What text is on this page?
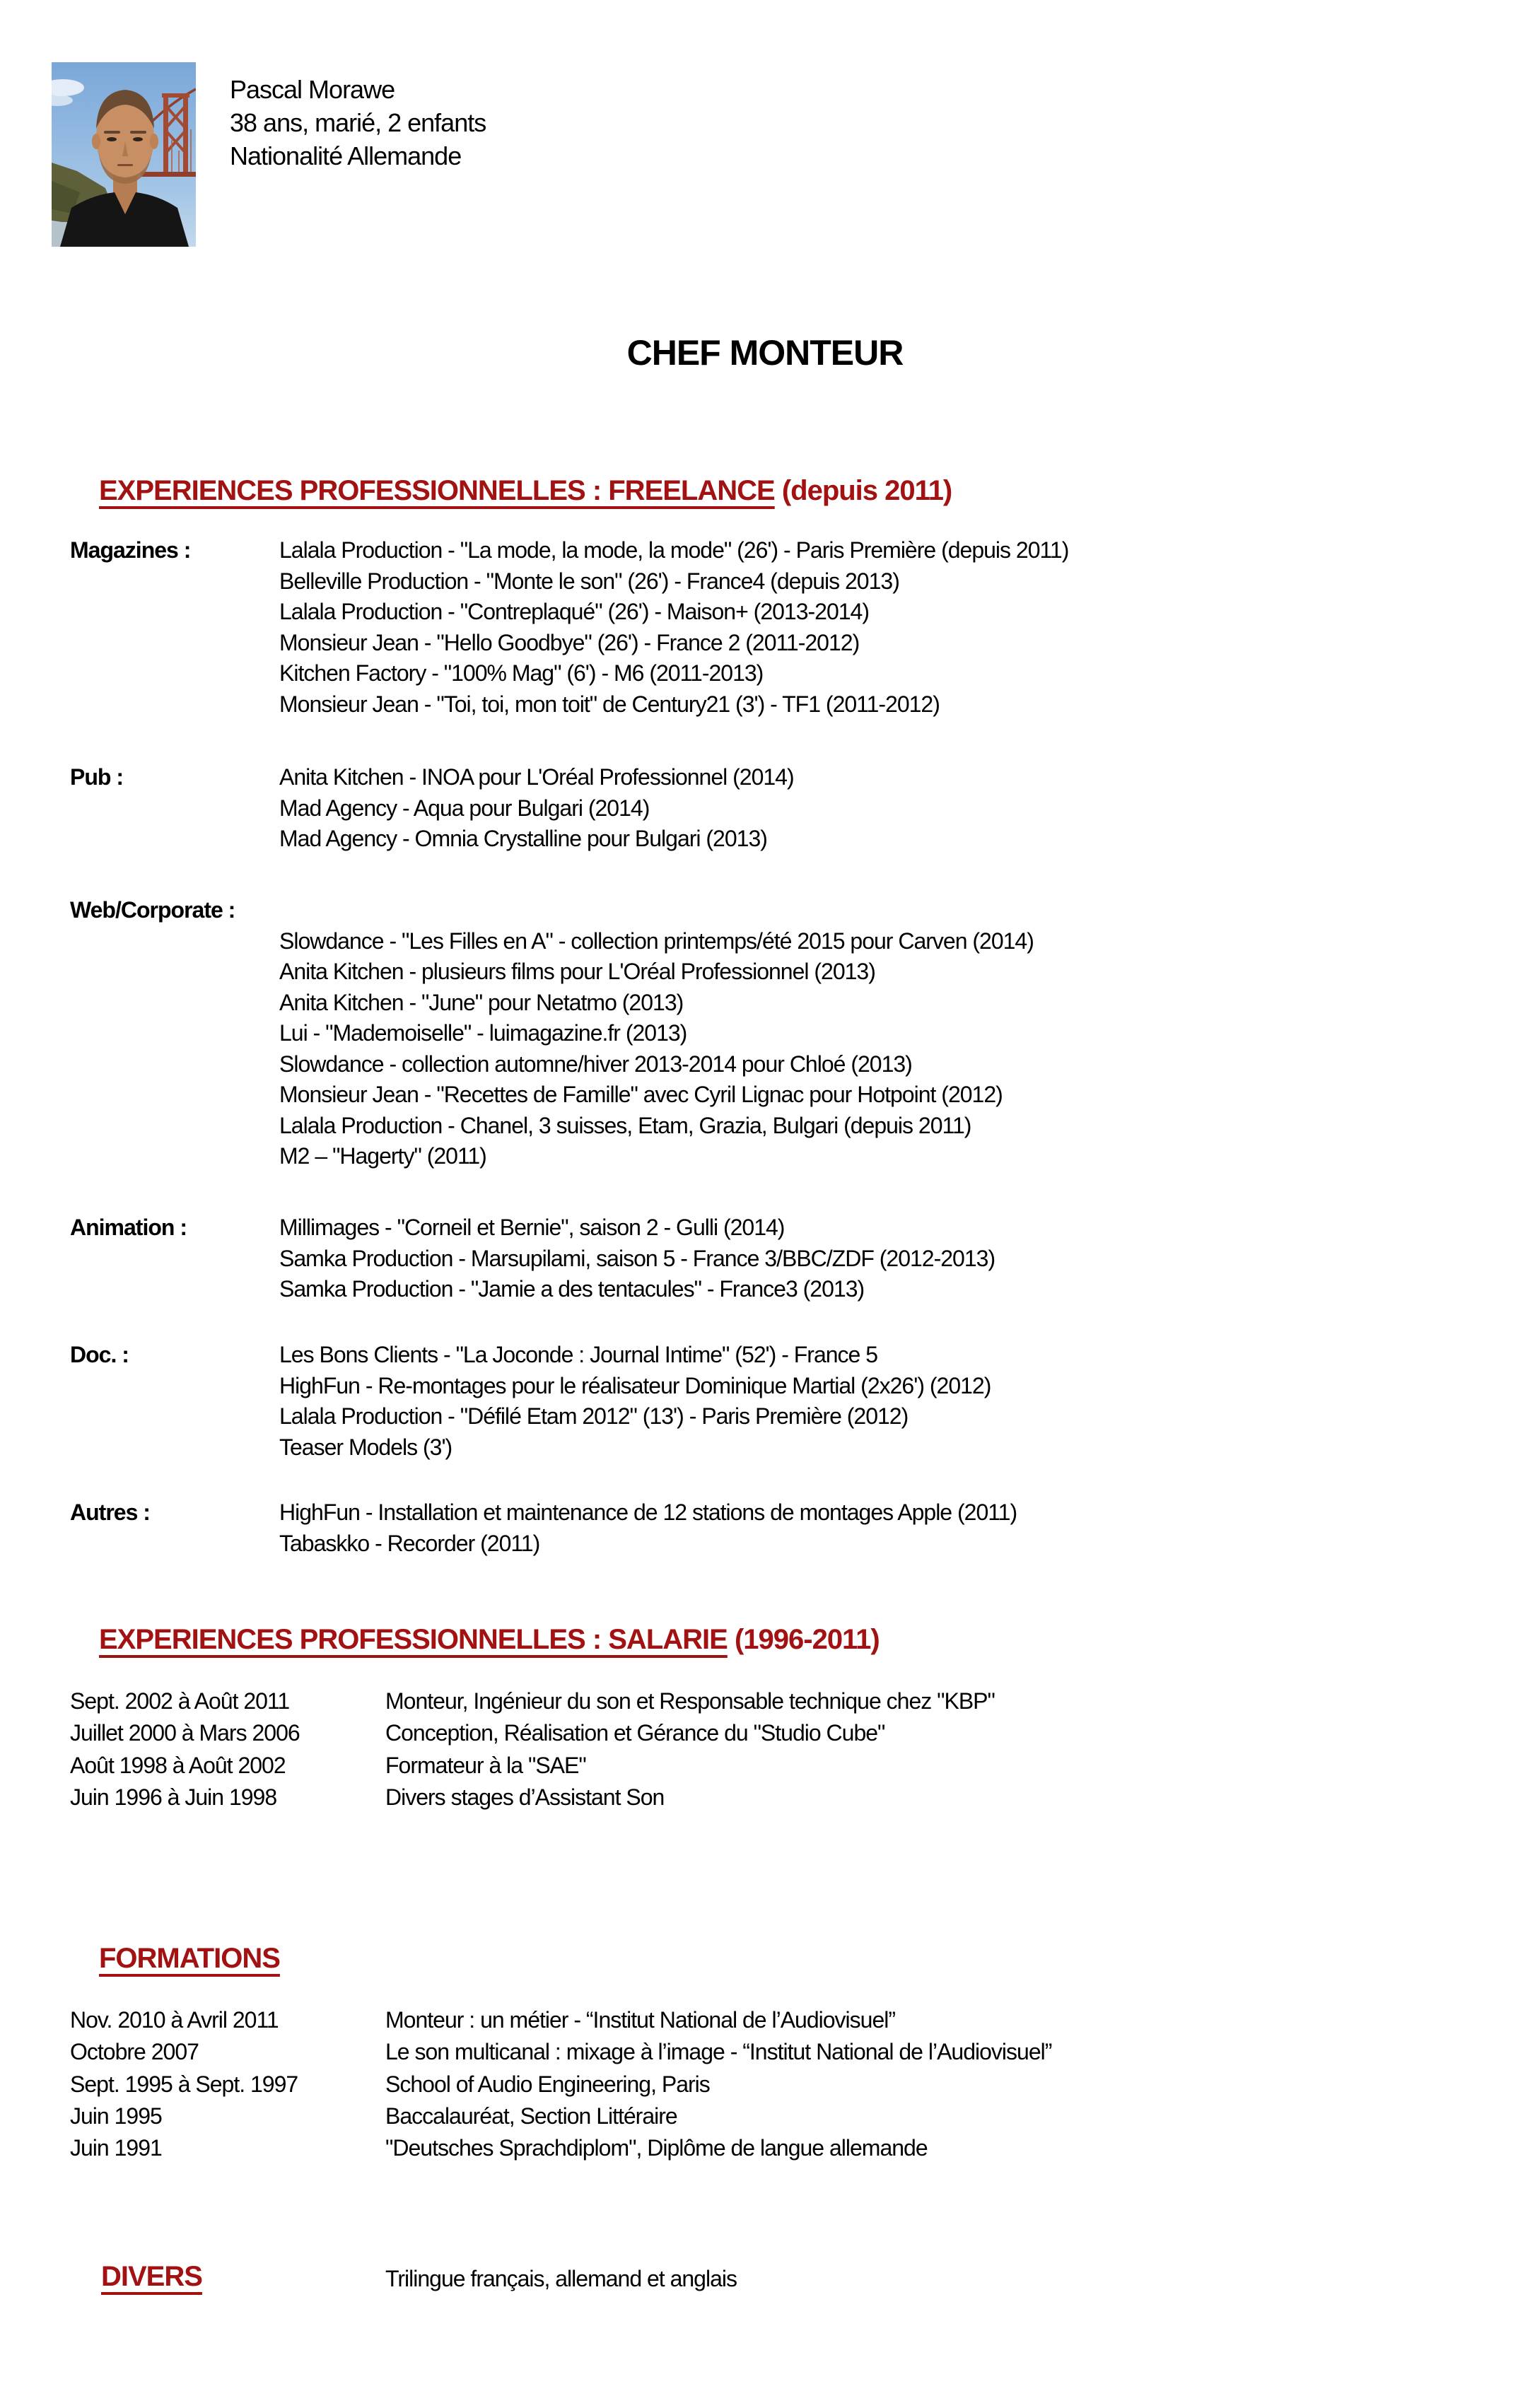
Pascal Morawe
38 ans, marié, 2 enfants
Nationalité Allemande
CHEF MONTEUR
EXPERIENCES PROFESSIONNELLES : FREELANCE (depuis 2011)
Magazines :	Lalala Production - "La mode, la mode, la mode" (26') - Paris Première (depuis 2011)
Belleville Production - "Monte le son" (26') - France4 (depuis 2013)
Lalala Production - "Contreplaqué" (26') - Maison+ (2013-2014)
Monsieur Jean - "Hello Goodbye" (26') - France 2 (2011-2012)
Kitchen Factory - "100% Mag" (6') - M6 (2011-2013)
Monsieur Jean - "Toi, toi, mon toit" de Century21 (3') - TF1 (2011-2012)
Pub :	Anita Kitchen - INOA pour L'Oréal Professionnel (2014)
Mad Agency - Aqua pour Bulgari (2014)
Mad Agency - Omnia Crystalline pour Bulgari (2013)
Web/Corporate :
Slowdance - "Les Filles en A" - collection printemps/été 2015 pour Carven (2014)
Anita Kitchen - plusieurs films pour L'Oréal Professionnel (2013)
Anita Kitchen - "June" pour Netatmo (2013)
Lui - "Mademoiselle" - luimagazine.fr (2013)
Slowdance - collection automne/hiver 2013-2014 pour Chloé (2013)
Monsieur Jean - "Recettes de Famille" avec Cyril Lignac pour Hotpoint (2012)
Lalala Production - Chanel, 3 suisses, Etam, Grazia, Bulgari (depuis 2011)
M2 – "Hagerty" (2011)
Animation :	Millimages - "Corneil et Bernie", saison 2 - Gulli (2014)
Samka Production - Marsupilami, saison 5 - France 3/BBC/ZDF (2012-2013)
Samka Production - "Jamie a des tentacules" - France3 (2013)
Doc. :	Les Bons Clients - "La Joconde : Journal Intime" (52') - France 5
HighFun - Re-montages pour le réalisateur Dominique Martial (2x26') (2012)
Lalala Production - "Défilé Etam 2012" (13') - Paris Première (2012)
Teaser Models (3')
Autres :	HighFun - Installation et maintenance de 12 stations de montages Apple (2011)
Tabaskko - Recorder (2011)
EXPERIENCES PROFESSIONNELLES : SALARIE (1996-2011)
Sept. 2002 à Août 2011	Monteur, Ingénieur du son et Responsable technique chez "KBP"
Juillet 2000 à Mars 2006	Conception, Réalisation et Gérance du "Studio Cube"
Août 1998 à Août 2002	Formateur à la "SAE"
Juin 1996 à Juin 1998	Divers stages d’Assistant Son
FORMATIONS
Nov. 2010 à Avril 2011	Monteur : un métier - “Institut National de l’Audiovisuel”
Octobre 2007	Le son multicanal : mixage à l’image - “Institut National de l’Audiovisuel”
Sept. 1995 à Sept. 1997	School of Audio Engineering, Paris
Juin 1995	Baccalauréat, Section Littéraire
Juin 1991	"Deutsches Sprachdiplom", Diplôme de langue allemande
DIVERS	Trilingue français, allemand et anglais
